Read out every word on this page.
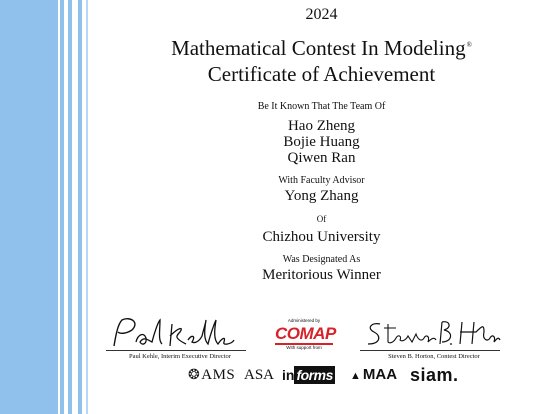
2024
Mathematical Contest In Modeling®
Certificate of Achievement
Be It Known That The Team Of
Hao Zheng
Bojie Huang
Qiwen Ran
With Faculty Advisor
Yong Zhang
Of
Chizhou University
Was Designated As
Meritorious Winner
Paul Kehle, Interim Executive Director
Administered by
COMAP
With support from
Steven B. Horton, Contest Director
❂AMS ASA in forms ▲ MAA siam.
